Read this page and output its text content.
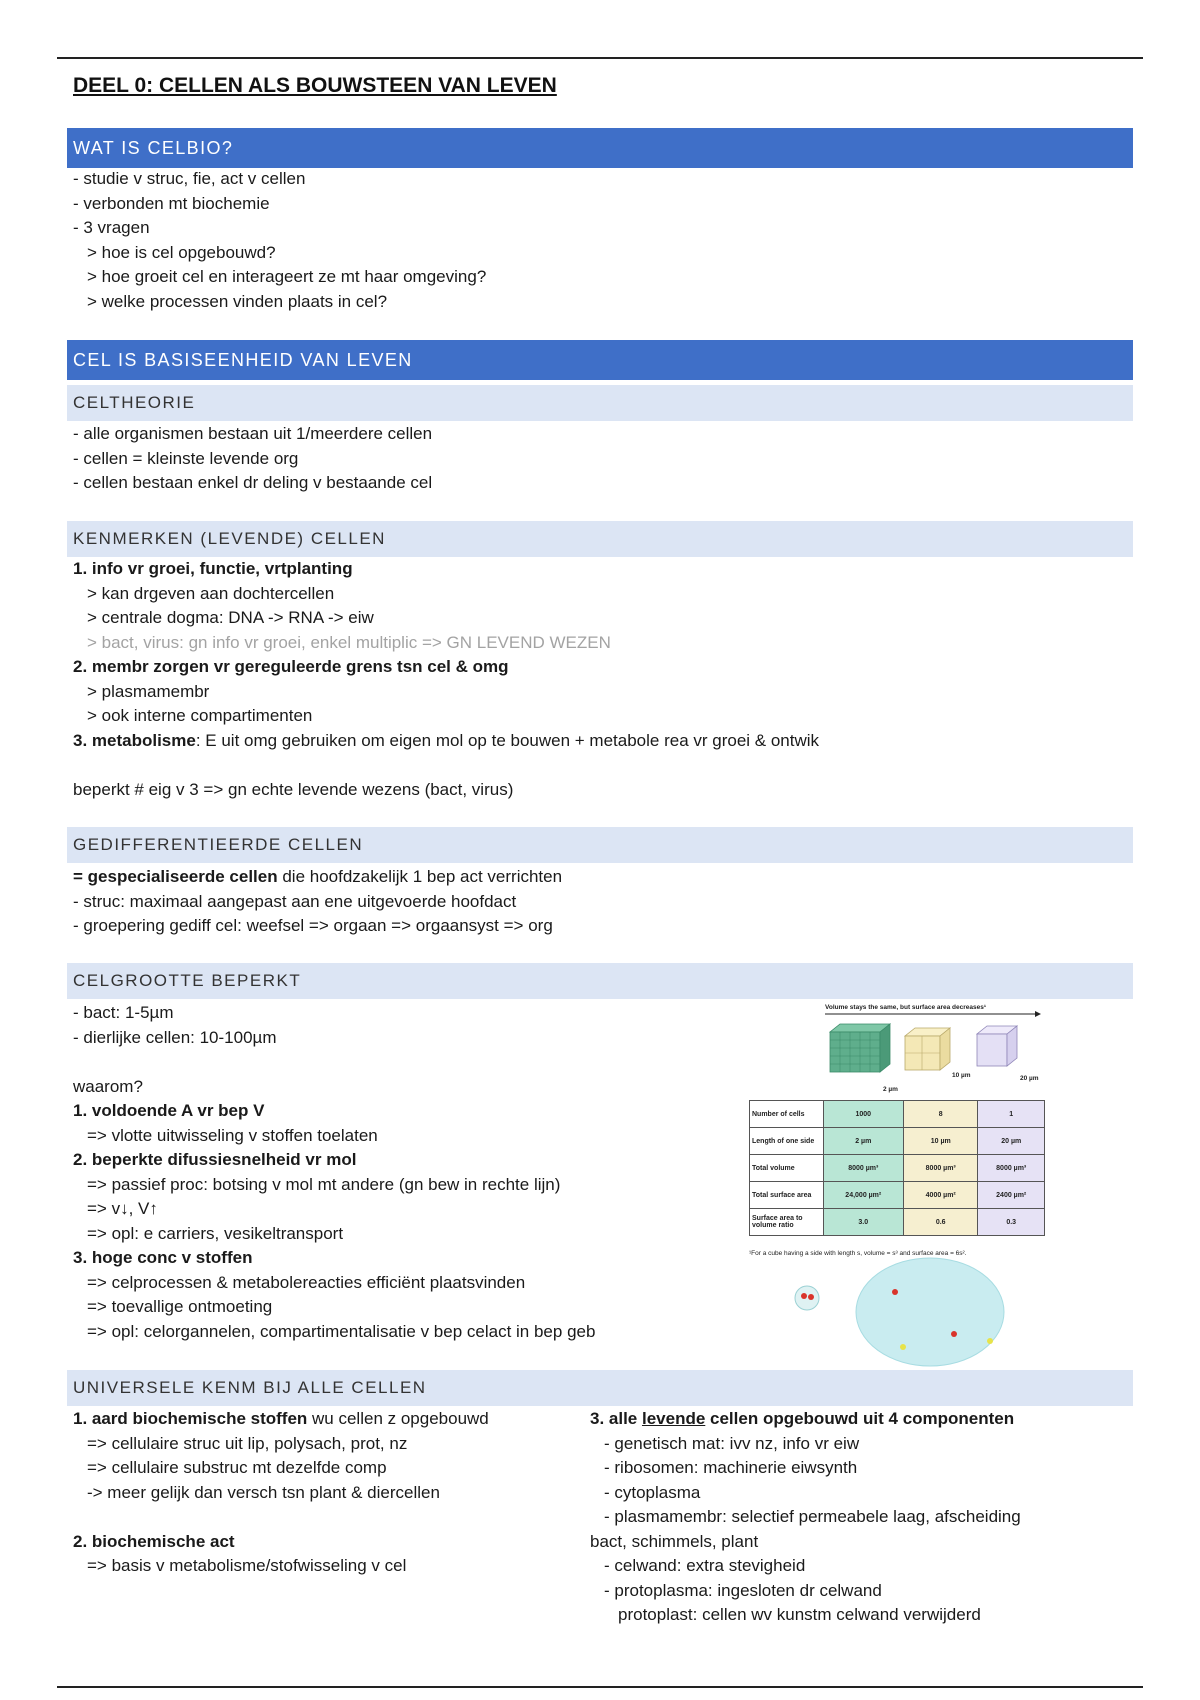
DEEL 0: CELLEN ALS BOUWSTEEN VAN LEVEN
WAT IS CELBIO?
- studie v struc, fie, act v cellen
- verbonden mt biochemie
- 3 vragen
> hoe is cel opgebouwd?
> hoe groeit cel en interageert ze mt haar omgeving?
> welke processen vinden plaats in cel?
CEL IS BASISEENHEID VAN LEVEN
CELTHEORIE
- alle organismen bestaan uit 1/meerdere cellen
- cellen = kleinste levende org
- cellen bestaan enkel dr deling v bestaande cel
KENMERKEN (LEVENDE) CELLEN
1. info vr groei, functie, vrtplanting
> kan drgeven aan dochtercellen
> centrale dogma: DNA -> RNA -> eiw
> bact, virus: gn info vr groei, enkel multiplic => GN LEVEND WEZEN
2. membr zorgen vr gereguleerde grens tsn cel & omg
> plasmamembr
> ook interne compartimenten
3. metabolisme: E uit omg gebruiken om eigen mol op te bouwen + metabole rea vr groei & ontwik
beperkt # eig v 3 => gn echte levende wezens (bact, virus)
GEDIFFERENTIEERDE CELLEN
= gespecialiseerde cellen die hoofdzakelijk 1 bep act verrichten
- struc: maximaal aangepast aan ene uitgevoerde hoofdact
- groepering gediff cel: weefsel => orgaan => orgaansyst => org
CELGROOTTE BEPERKT
- bact: 1-5µm
- dierlijke cellen: 10-100µm
waarom?
1. voldoende A vr bep V
=> vlotte uitwisseling v stoffen toelaten
2. beperkte difussiesnelheid vr mol
=> passief proc: botsing v mol mt andere (gn bew in rechte lijn)
=> v↓, V↑
=> opl: e carriers, vesikeltransport
3. hoge conc v stoffen
=> celprocessen & metabolereacties efficiënt plaatsvinden
=> toevallige ontmoeting
=> opl: celorgannelen, compartimentalisatie v bep celact in bep geb
Volume stays the same, but surface area decreases¹
2 µm
10 µm	20 µm
Number of cells	1000	8	1
Length of one side	2 µm	10 µm	20 µm
Total volume	8000 µm³	8000 µm³	8000 µm³
Total surface area	24,000 µm²	4000 µm²	2400 µm²
Surface area to volume ratio	3.0	0.6	0.3
¹For a cube having a side with length s, volume = s³ and surface area = 6s².
UNIVERSELE KENM BIJ ALLE CELLEN
1. aard biochemische stoffen wu cellen z opgebouwd
=> cellulaire struc uit lip, polysach, prot, nz
=> cellulaire substruc mt dezelfde comp
-> meer gelijk dan versch tsn plant & diercellen
2. biochemische act
=> basis v metabolisme/stofwisseling v cel
3. alle levende cellen opgebouwd uit 4 componenten
- genetisch mat: ivv nz, info vr eiw
- ribosomen: machinerie eiwsynth
- cytoplasma
- plasmamembr: selectief permeabele laag, afscheiding
bact, schimmels, plant
- celwand: extra stevigheid
- protoplasma: ingesloten dr celwand
protoplast: cellen wv kunstm celwand verwijderd
